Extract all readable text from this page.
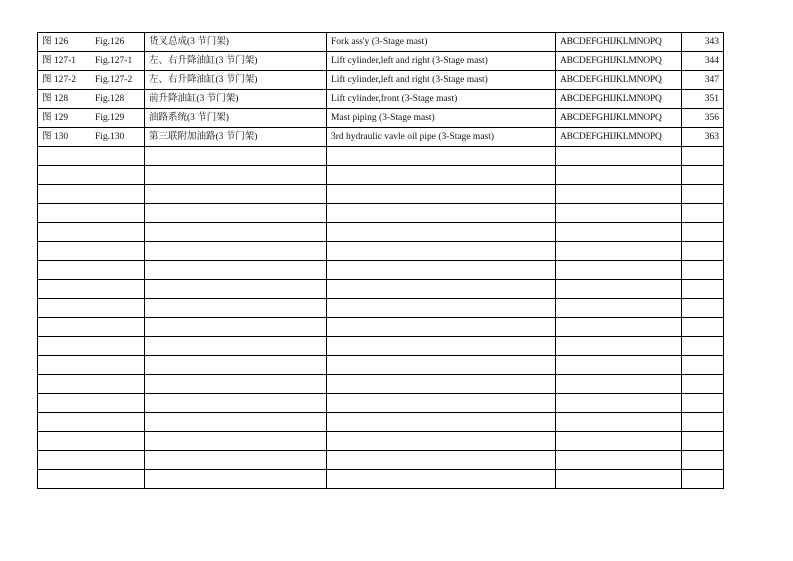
图 126	Fig.126	货叉总成(3 节门架)	Fork ass'y (3-Stage mast)	ABCDEFGHIJKLMNOPQ	343
图 127-1	Fig.127-1	左、右升降油缸(3 节门架)	Lift cylinder,left and right (3-Stage mast)	ABCDEFGHIJKLMNOPQ	344
图 127-2	Fig.127-2	左、右升降油缸(3 节门架)	Lift cylinder,left and right (3-Stage mast)	ABCDEFGHIJKLMNOPQ	347
图 128	Fig.128	前升降油缸(3 节门架)	Lift cylinder,front (3-Stage mast)	ABCDEFGHIJKLMNOPQ	351
图 129	Fig.129	油路系统(3 节门架)	Mast piping (3-Stage mast)	ABCDEFGHIJKLMNOPQ	356
图 130	Fig.130	第三联附加油路(3 节门架)	3rd hydraulic vavle oil pipe (3-Stage mast)	ABCDEFGHIJKLMNOPQ	363
